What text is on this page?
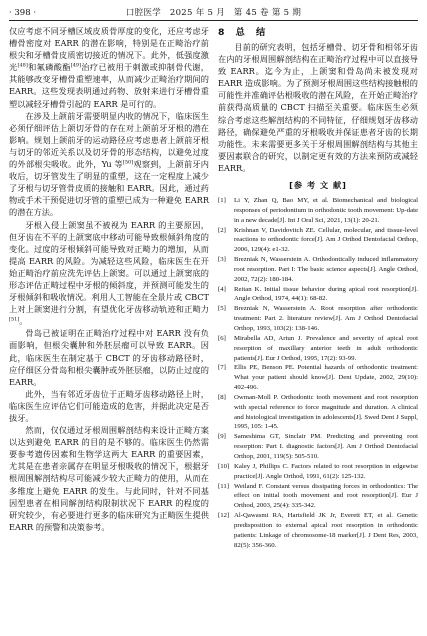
· 398 ·	口腔医学　2025 年 5 月　第 45 卷 第 5 期

仅应考虑不同牙槽区域皮质骨厚度的变化，还应考虑牙槽骨密度对 EARR 的潜在影响，特别是在正畸治疗前根尖和牙槽骨皮质密切接近的情况下。此外，低强度激光[48]和氟磷酸酯[49]治疗已被用于刺激或抑制骨代谢，其能够改变牙槽骨重塑速率，从而减少正畸治疗期间的 EARR。这些发现表明通过药物、放射来进行牙槽骨重塑以减轻牙槽骨引起的 EARR 是可行的。

在涉及上颌前牙需要明显内收的情况下，临床医生必须仔细评估上颌切牙骨的存在对上颌前牙牙根的潜在影响。规划上颌前牙的运动路径应考虑患者上颌前牙根与切牙的邻近关系以及切牙骨的形态结构，以避免过度的外部根尖吸收。此外，Yu 等[50]观察到，上颌前牙内收后，切牙管发生了明显的重塑，这在一定程度上减少了牙根与切牙管骨皮质的接触和 EARR。因此，通过药物或手术干预促进切牙管的重塑已成为一种避免 EARR 的潜在方法。

牙根入侵上颌窦虽不被视为 EARR 的主要原因，但牙齿在不平的上颌窦底中移动可能导致根倾斜角度的变化。过度的牙根倾斜可能导致对正畸力的增加，从而提高 EARR 的风险。为减轻这些风险，临床医生在开始正畸治疗前应洗先评估上颌窦。可以通过上颌窦底的形态评估正畸过程中牙根的倾斜度，并预测可能发生的牙根倾斜和吸收情况。利用人工智能在全景片或 CBCT 上对上颌窦进行分割，有望优化牙齿移动轨迹和正畸力[51]。

骨岛已被证明在正畸治疗过程中对 EARR 没有负面影响，但根尖囊肿和外胚层瘤可以导致 EARR。因此，临床医生在制定基于 CBCT 的牙齿移动路径时，应仔细区分骨岛和根尖囊肿或外胚层瘤，以防止过度的 EARR。

此外，当有邻近牙齿位于正畸牙齿移动路径上时，临床医生应评估它们可能造成的危害，并据此决定是否拔牙。

然而，仅仅通过牙根周围解剖结构来设计正畸方案以达到避免 EARR 的目的是不够的。临床医生仍然需要参考遗传因素和生物学这两大 EARR 的重要因素，尤其是在患者亲属存在明显牙根吸收的情况下，根据牙根周围解剖结构尽可能减少较大正畸力的使用，从而在多维度上避免 EARR 的发生。与此同时，针对不同基因型患者在相同解剖结构限制状况下 EARR 的程度的研究较少，有必要进行更多的临床研究为正畸医生提供 EARR 的预警和决策参考。

8　总　结

目前的研究表明，包括牙槽骨、切牙骨和相邻牙齿在内的牙根周围解剖结构在正畸治疗过程中可以直接导致 EARR。迄今为止，上颌窦和骨岛尚未被发现对 EARR 造成影响。为了预测牙根周围这些结构接触根的可能性并准确评估根吸收的潜在风险，在开始正畸治疗前获得高质量的 CBCT 扫描至关重要。临床医生必须综合考虑这些解剖结构的不同特征，仔细规划牙齿移动路径，确保避免严重的牙根吸收并保证患者牙齿的长期功能性。未来需要更多关于牙根周围解剖结构与其他主要因素联合的研究，以制定更有效的方法来预防或减轻 EARR。

[参 考 文 献]

[1] Li Y, Zhan Q, Bao MY, et al. Biomechanical and biological responses of periodontium in orthodontic tooth movement: Up-date in a new decade[J]. Int J Oral Sci, 2021, 13(1): 20-21.

[2] Krishnan V, Davidovitch ZE. Cellular, molecular, and tissue-level reactions to orthodontic force[J]. Am J Orthod Dentofacial Orthop, 2006, 129(4): e1-32.

[3] Brezniak N, Wasserstein A. Orthodontically induced inflammatory root resorption. Part I: The basic science aspects[J]. Angle Orthod, 2002, 72(2): 180-184.

[4] Reitan K. Initial tissue behavior during apical root resorption[J]. Angle Orthod, 1974, 44(1): 68-82.

[5] Brezniak N, Wasserstein A. Root resorption after orthodontic treatment: Part 2. literature review[J]. Am J Orthod Dentofacial Orthop, 1993, 103(2): 138-146.

[6] Mirabella AD, Artun J. Prevalence and severity of apical root resorption of maxillary anterior teeth in adult orthodontic patients[J]. Eur J Orthod, 1995, 17(2): 93-99.

[7] Ellis PE, Benson PE. Potential hazards of orthodontic treatment: What your patient should know[J]. Dent Update, 2002, 29(10): 492-496.

[8] Owman-Moll P. Orthodontic tooth movement and root resorption with special reference to force magnitude and duration. A clinical and histological investigation in adolescents[J]. Swed Dent J Suppl, 1995, 105: 1-45.

[9] Sameshima GT, Sinclair PM. Predicting and preventing root resorption: Part I. diagnostic factors[J]. Am J Orthod Dentofacial Orthop, 2001, 119(5): 505-510.

[10] Kaley J, Phillips C. Factors related to root resorption in edgewise practice[J]. Angle Orthod, 1991, 61(2): 125-132.

[11] Weiland F. Constant versus dissipating forces in orthodontics: The effect on initial tooth movement and root resorption[J]. Eur J Orthod, 2003, 25(4): 335-342.

[12] Al-Qawasmi RA, Hartsfield JK Jr, Everett ET, et al. Genetic predisposition to external apical root resorption in orthodontic patients: Linkage of chromosome-18 marker[J]. J Dent Res, 2003, 82(5): 356-360.
